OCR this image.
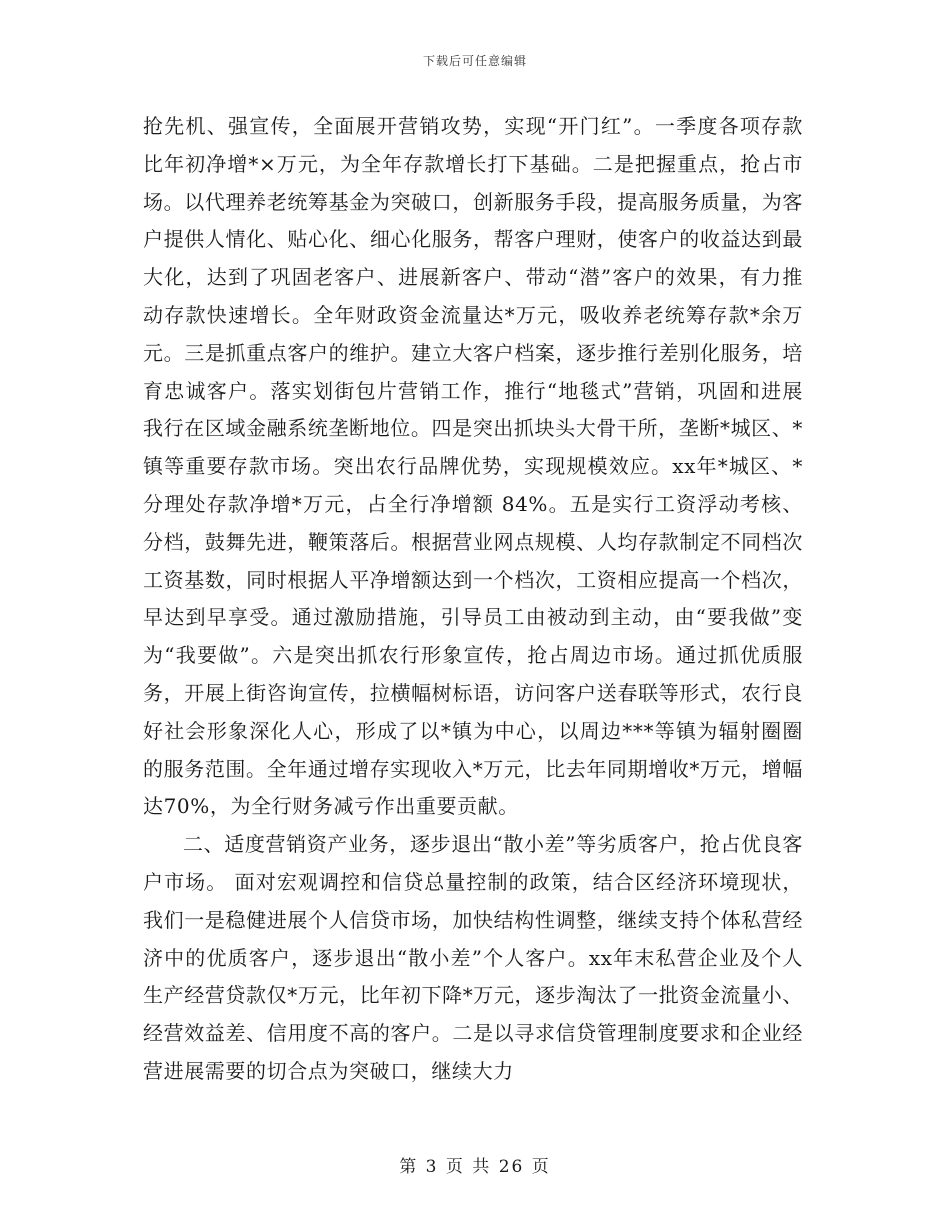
下载后可任意编辑

抢先机、强宣传，全面展开营销攻势，实现“开门红”。一季度各项存款比年初净增*×万元，为全年存款增长打下基础。二是把握重点，抢占市场。以代理养老统筹基金为突破口，创新服务手段，提高服务质量，为客户提供人情化、贴心化、细心化服务，帮客户理财，使客户的收益达到最大化，达到了巩固老客户、进展新客户、带动“潜”客户的效果，有力推动存款快速增长。全年财政资金流量达*万元，吸收养老统筹存款*余万元。三是抓重点客户的维护。建立大客户档案，逐步推行差别化服务，培育忠诚客户。落实划街包片营销工作，推行“地毯式”营销，巩固和进展我行在区域金融系统垄断地位。四是突出抓块头大骨干所，垄断*城区、*镇等重要存款市场。突出农行品牌优势，实现规模效应。xx年*城区、*分理处存款净增*万元，占全行净增额 84%。五是实行工资浮动考核、分档，鼓舞先进，鞭策落后。根据营业网点规模、人均存款制定不同档次工资基数，同时根据人平净增额达到一个档次，工资相应提高一个档次，早达到早享受。通过激励措施，引导员工由被动到主动，由“要我做”变为“我要做”。六是突出抓农行形象宣传，抢占周边市场。通过抓优质服务，开展上街咨询宣传，拉横幅树标语，访问客户送春联等形式，农行良好社会形象深化人心，形成了以*镇为中心，以周边***等镇为辐射圈圈的服务范围。全年通过增存实现收入*万元，比去年同期增收*万元，增幅达70%，为全行财务减亏作出重要贡献。

二、适度营销资产业务，逐步退出“散小差”等劣质客户，抢占优良客户市场。 面对宏观调控和信贷总量控制的政策，结合区经济环境现状，我们一是稳健进展个人信贷市场，加快结构性调整，继续支持个体私营经济中的优质客户，逐步退出“散小差”个人客户。xx年末私营企业及个人生产经营贷款仅*万元，比年初下降*万元，逐步淘汰了一批资金流量小、经营效益差、信用度不高的客户。二是以寻求信贷管理制度要求和企业经营进展需要的切合点为突破口，继续大力

第 3 页 共 26 页
